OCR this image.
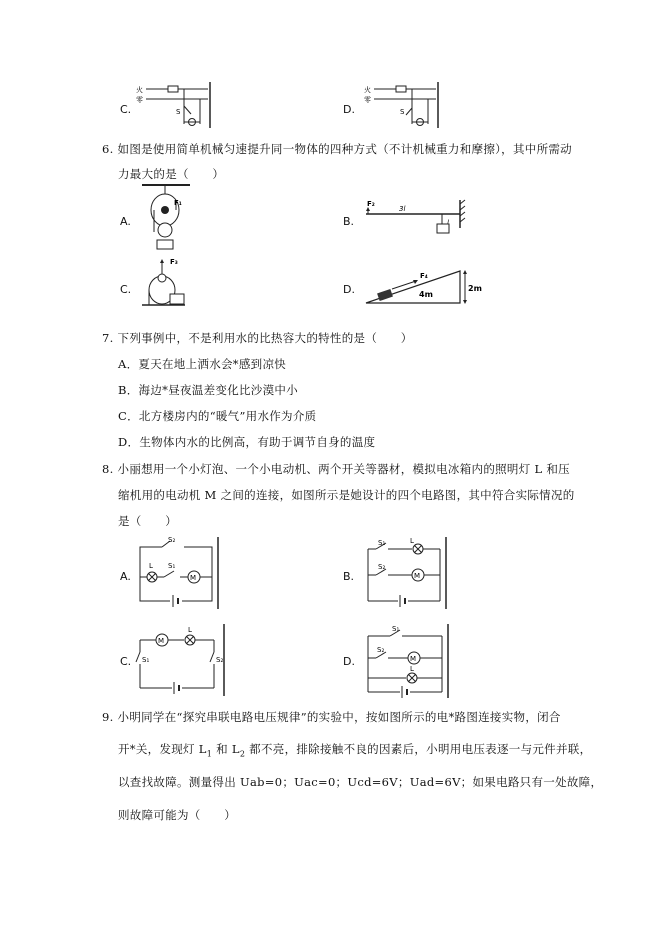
C.
火
零
S	D.
火
零
S
6. 如图是使用简单机械匀速提升同一物体的四种方式（不计机械重力和摩擦），其中所需动
力最大的是（　　）
A.
F₁
B.
F₂
3l
l
C.
F₃
D.
F₄
4m
2m
7. 下列事例中，不是利用水的比热容大的特性的是（　　）
A．夏天在地上洒水会*感到凉快
B．海边*昼夜温差变化比沙漠中小
C．北方楼房内的“暖气”用水作为介质
D．生物体内水的比例高，有助于调节自身的温度
8. 小丽想用一个小灯泡、一个小电动机、两个开关等器材，模拟电冰箱内的照明灯 L 和压
缩机用的电动机 M 之间的连接，如图所示是她设计的四个电路图，其中符合实际情况的
是（　　）
A.
S₂
L S₁
M	B.
S₁	L
S₂
M
C.
M
L
S₁	S₂	D.
S₁
S₂
M
L
9. 小明同学在“探究串联电路电压规律”的实验中，按如图所示的电*路图连接实物，闭合
开*关，发现灯 $L_1$ 和 $L_2$ 都不亮，排除接触不良的因素后，小明用电压表逐一与元件并联，
以查找故障。测量得出 Uab=0；Uac=0；Ucd=6V；Uad=6V；如果电路只有一处故障，
则故障可能为（　　）
